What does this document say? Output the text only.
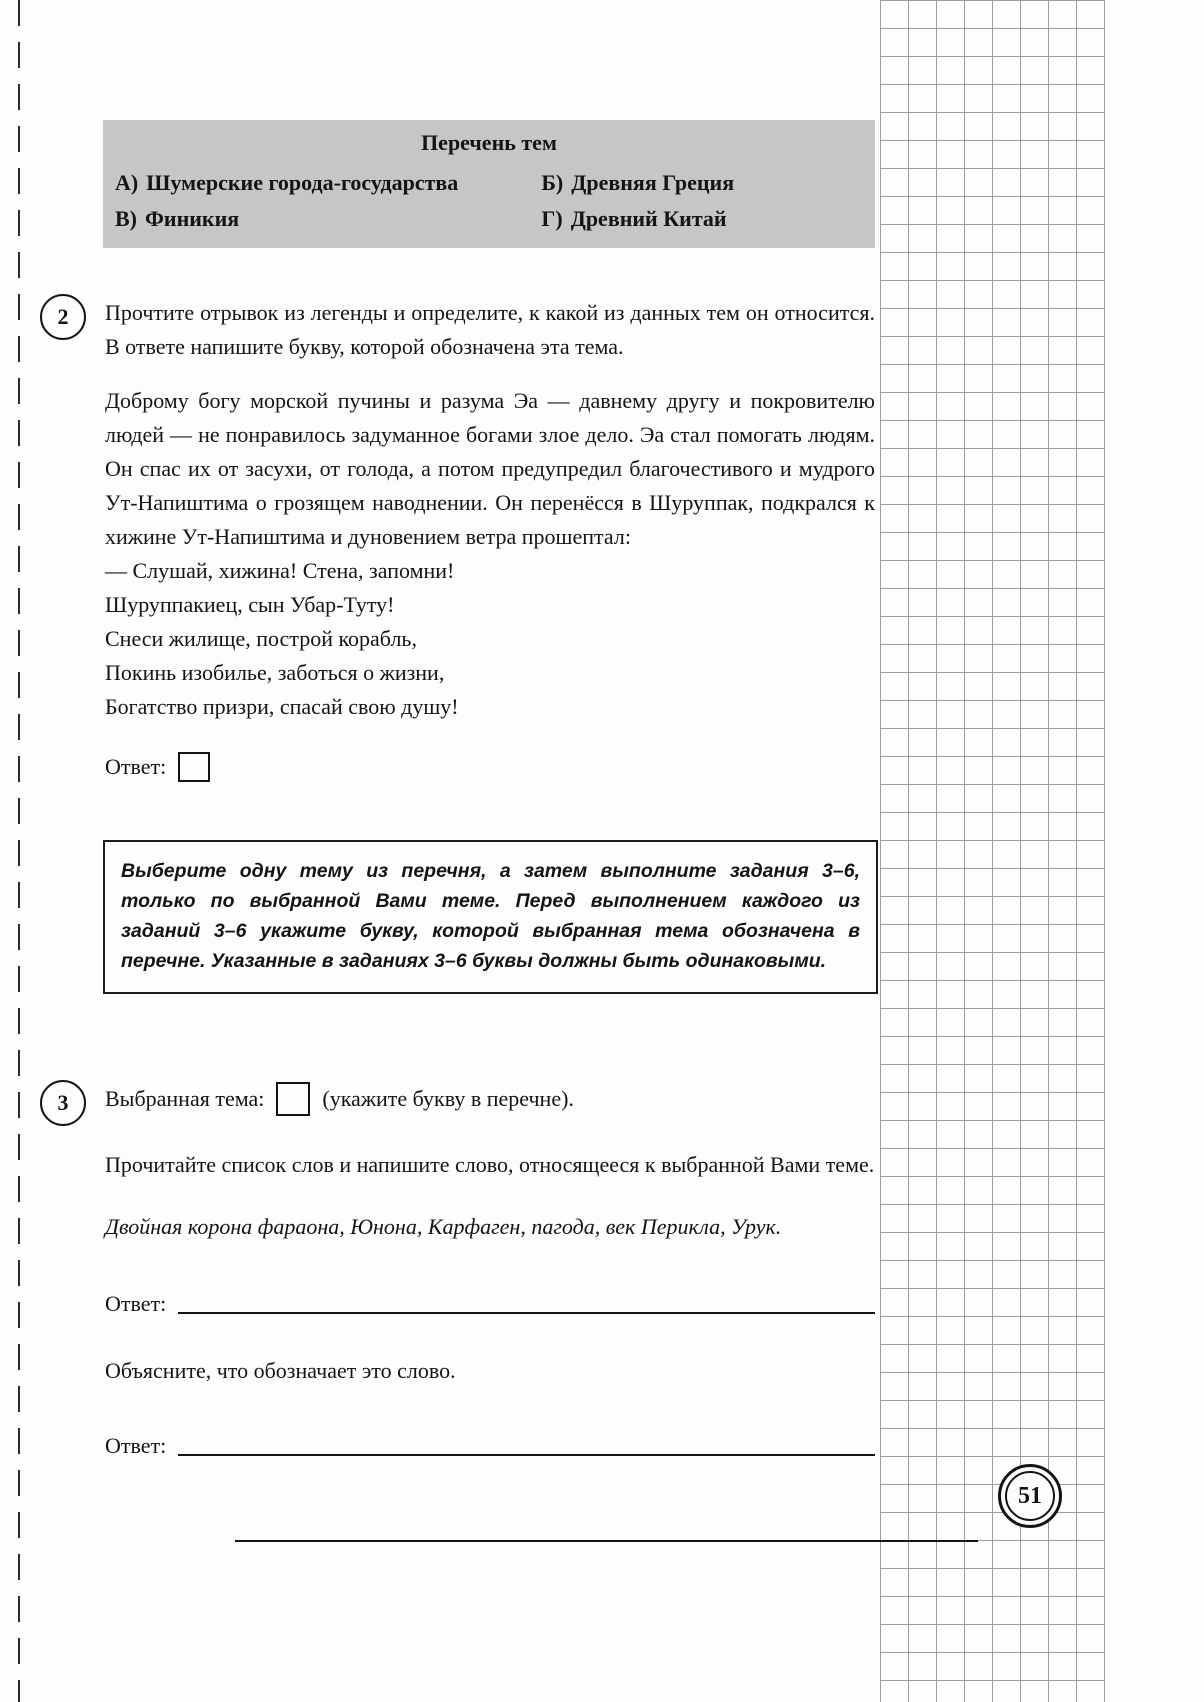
Перечень тем
А) Шумерские города-государства	Б) Древняя Греция
В) Финикия	Г) Древний Китай
2	Прочтите отрывок из легенды и определите, к какой из данных тем он относится. В ответе напишите букву, которой обозначена эта тема.

Доброму богу морской пучины и разума Эа — давнему другу и покровителю людей — не понравилось задуманное богами злое дело. Эа стал помогать людям. Он спас их от засухи, от голода, а потом предупредил благочестивого и мудрого Ут-Напиштима о грозящем наводнении. Он перенёсся в Шуруппак, подкрался к хижине Ут-Напиштима и дуновением ветра прошептал:

— Слушай, хижина! Стена, запомни!
Шуруппакиец, сын Убар-Туту!
Снеси жилище, построй корабль,
Покинь изобилье, заботься о жизни,
Богатство призри, спасай свою душу!
Ответ:
Выберите одну тему из перечня, а затем выполните задания 3–6, только по выбранной Вами теме. Перед выполнением каждого из заданий 3–6 укажите букву, которой выбранная тема обозначена в перечне. Указанные в заданиях 3–6 буквы должны быть одинаковыми.
3	Выбранная тема:	(укажите букву в перечне).

Прочитайте список слов и напишите слово, относящееся к выбранной Вами теме.

Двойная корона фараона, Юнона, Карфаген, пагода, век Перикла, Урук.
Ответ:
Объясните, что обозначает это слово.
Ответ:
51
